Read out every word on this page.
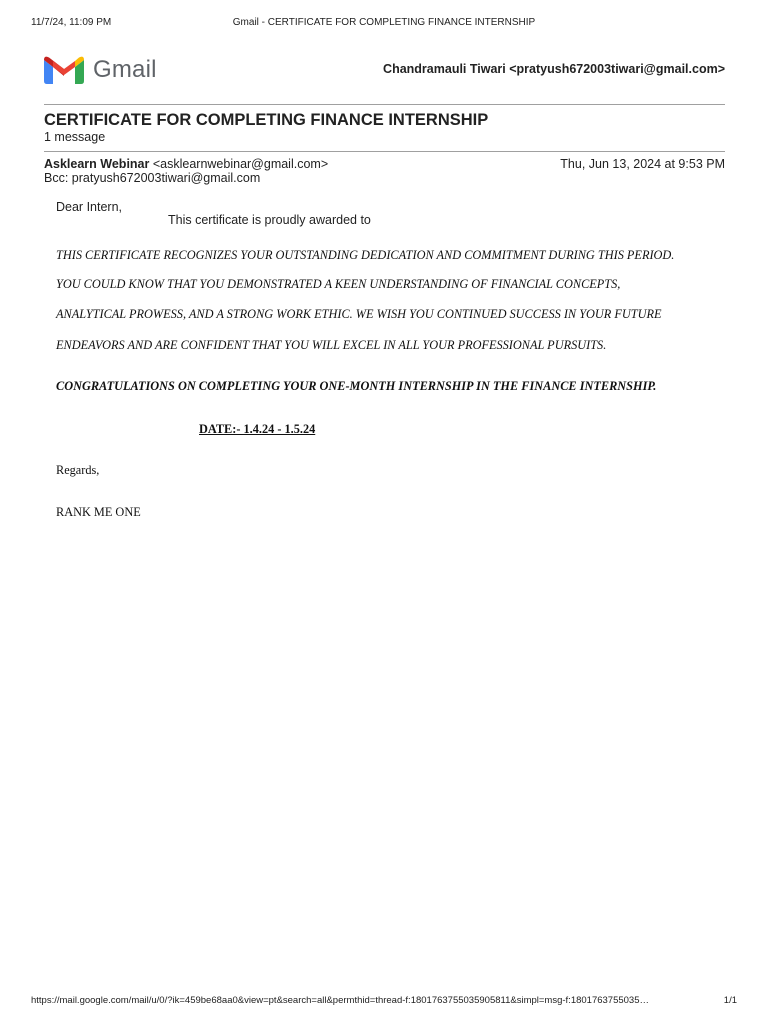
11/7/24, 11:09 PM	Gmail - CERTIFICATE FOR COMPLETING FINANCE INTERNSHIP
Gmail	Chandramauli Tiwari <pratyush672003tiwari@gmail.com>
CERTIFICATE FOR COMPLETING FINANCE INTERNSHIP
1 message
Asklearn Webinar <asklearnwebinar@gmail.com>	Thu, Jun 13, 2024 at 9:53 PM
Bcc: pratyush672003tiwari@gmail.com
Dear Intern,
This certificate is proudly awarded to
THIS CERTIFICATE RECOGNIZES YOUR OUTSTANDING DEDICATION AND COMMITMENT DURING THIS PERIOD.
YOU COULD KNOW THAT YOU DEMONSTRATED A KEEN UNDERSTANDING OF FINANCIAL CONCEPTS,
ANALYTICAL PROWESS, AND A STRONG WORK ETHIC. WE WISH YOU CONTINUED SUCCESS IN YOUR FUTURE
ENDEAVORS AND ARE CONFIDENT THAT YOU WILL EXCEL IN ALL YOUR PROFESSIONAL PURSUITS.
CONGRATULATIONS ON COMPLETING YOUR ONE-MONTH INTERNSHIP IN THE FINANCE INTERNSHIP.
DATE:- 1.4.24 - 1.5.24
Regards,
RANK ME ONE
https://mail.google.com/mail/u/0/?ik=459be68aa0&view=pt&search=all&permthid=thread-f:1801763755035905811&simpl=msg-f:1801763755035…	1/1
